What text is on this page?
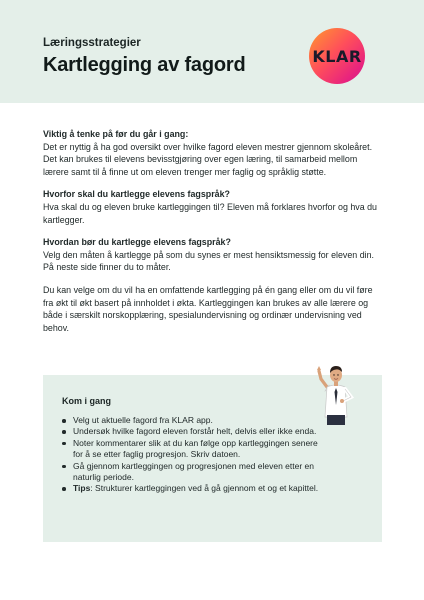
Læringsstrategier

Kartlegging av fagord	KLAR
Viktig å tenke på før du går i gang:

Det er nyttig å ha god oversikt over hvilke fagord eleven mestrer gjennom skoleåret.

Det kan brukes til elevens bevisstgjøring over egen læring, til samarbeid mellom

lærere samt til å finne ut om eleven trenger mer faglig og språklig støtte.

Hvorfor skal du kartlegge elevens fagspråk?

Hva skal du og eleven bruke kartleggingen til? Eleven må forklares hvorfor og hva du

kartlegger.

Hvordan bør du kartlegge elevens fagspråk?

Velg den måten å kartlegge på som du synes er mest hensiktsmessig for eleven din.

På neste side finner du to måter.

Du kan velge om du vil ha en omfattende kartlegging på én gang eller om du vil føre

fra økt til økt basert på innholdet i økta. Kartleggingen kan brukes av alle lærere og

både i særskilt norskopplæring, spesialundervisning og ordinær undervisning ved

behov.

Kom i gang
Velg ut aktuelle fagord fra KLAR app.
Undersøk hvilke fagord eleven forstår helt, delvis eller ikke enda.
Noter kommentarer slik at du kan følge opp kartleggingen senere
for å se etter faglig progresjon. Skriv datoen.
Gå gjennom kartleggingen og progresjonen med eleven etter en
naturlig periode.
Tips: Strukturer kartleggingen ved å gå gjennom et og et kapittel.
